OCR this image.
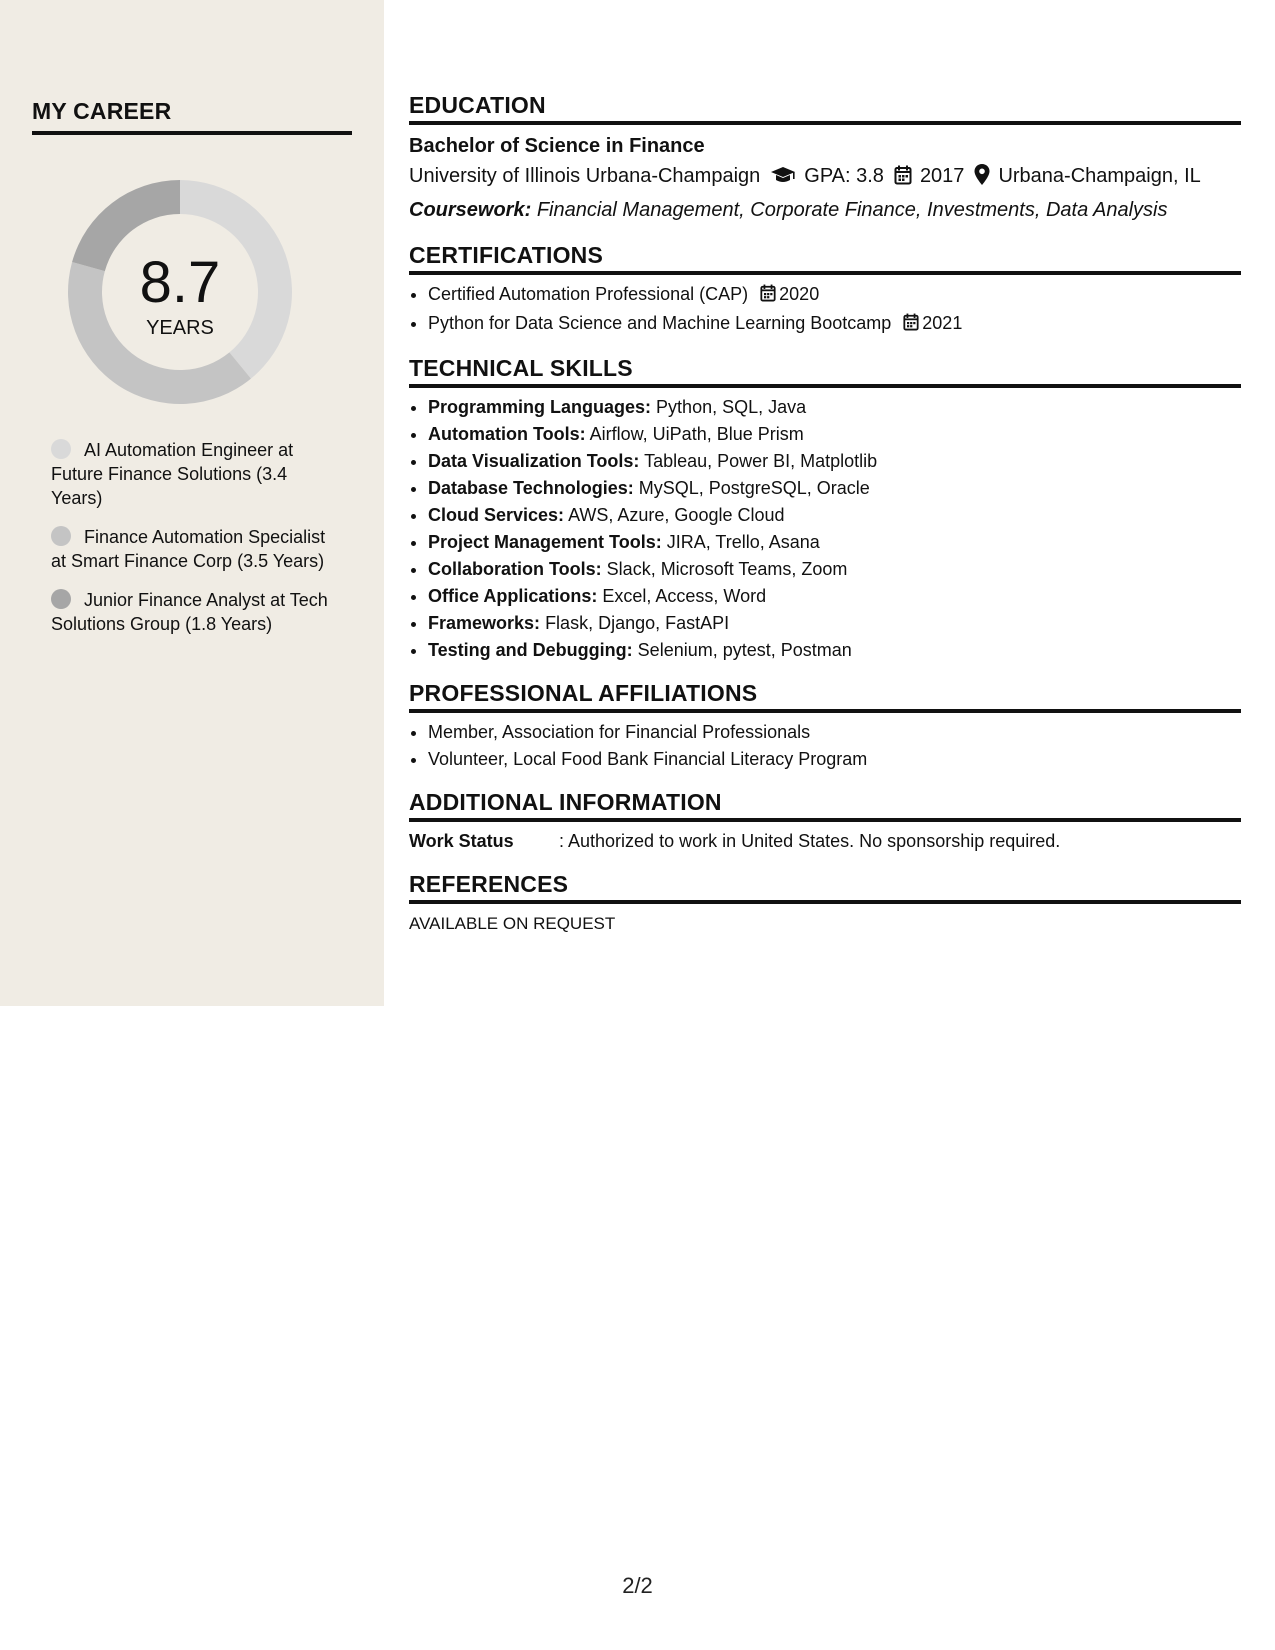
MY CAREER
8.7
YEARS
AI Automation Engineer at Future Finance Solutions (3.4 Years)
Finance Automation Specialist at Smart Finance Corp (3.5 Years)
Junior Finance Analyst at Tech Solutions Group (1.8 Years)
EDUCATION
Bachelor of Science in Finance
University of Illinois Urbana-Champaign GPA: 3.8 2017 Urbana-Champaign, IL
Coursework: Financial Management, Corporate Finance, Investments, Data Analysis
CERTIFICATIONS
• Certified Automation Professional (CAP) 2020
• Python for Data Science and Machine Learning Bootcamp 2021
TECHNICAL SKILLS
• Programming Languages: Python, SQL, Java
• Automation Tools: Airflow, UiPath, Blue Prism
• Data Visualization Tools: Tableau, Power BI, Matplotlib
• Database Technologies: MySQL, PostgreSQL, Oracle
• Cloud Services: AWS, Azure, Google Cloud
• Project Management Tools: JIRA, Trello, Asana
• Collaboration Tools: Slack, Microsoft Teams, Zoom
• Office Applications: Excel, Access, Word
• Frameworks: Flask, Django, FastAPI
• Testing and Debugging: Selenium, pytest, Postman
PROFESSIONAL AFFILIATIONS
• Member, Association for Financial Professionals
• Volunteer, Local Food Bank Financial Literacy Program
ADDITIONAL INFORMATION
Work Status	: Authorized to work in United States. No sponsorship required.
REFERENCES
AVAILABLE ON REQUEST
2/2
